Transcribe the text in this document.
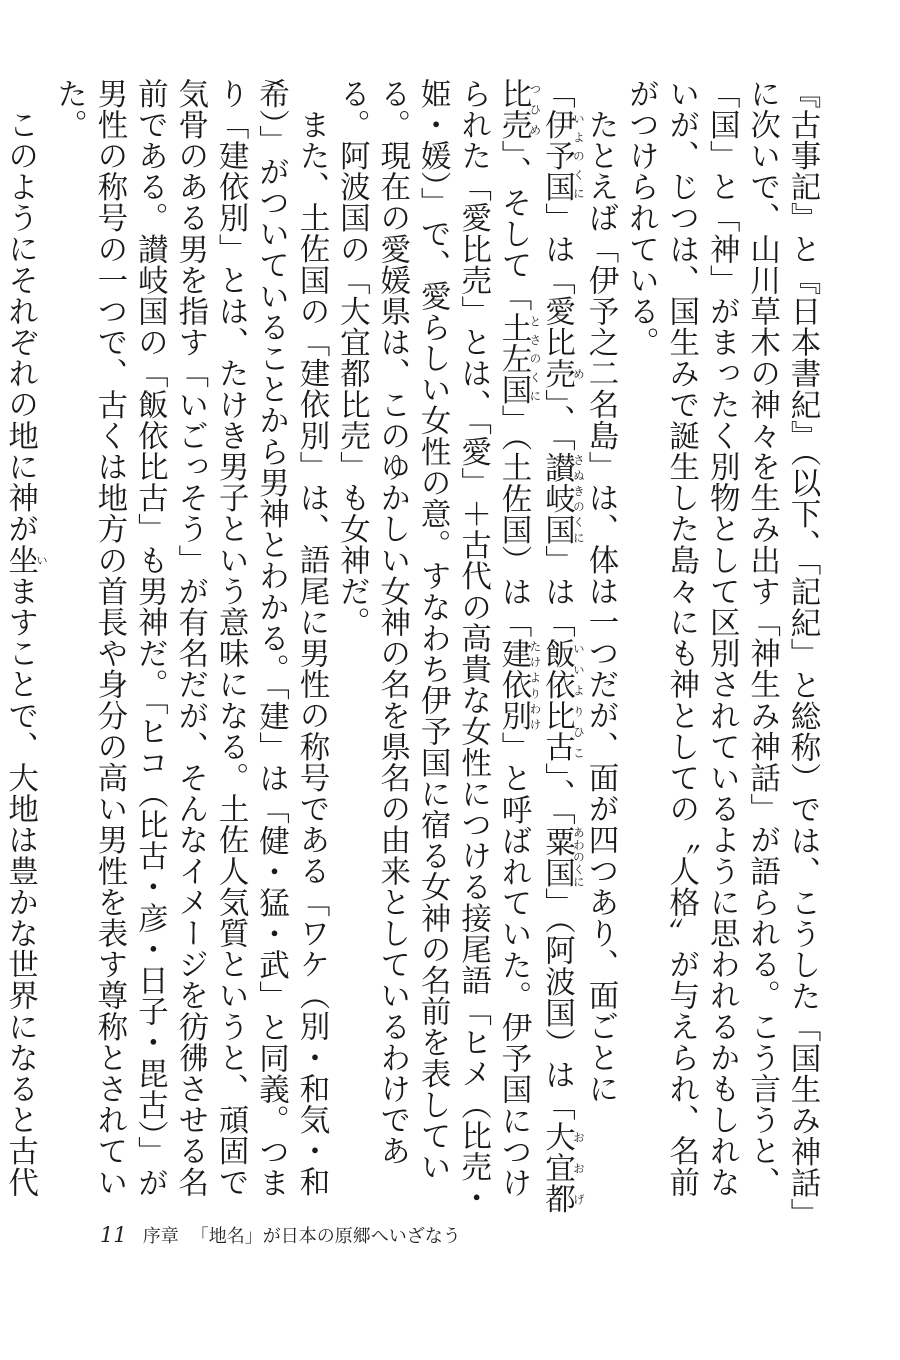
『古事記』と『日本書紀』（以下、「記紀」と総称）では、こうした「国生み神話」に次いで、山川草木の神々を生み出す「神生み神話」が語られる。こう言うと、「国」と「神」がまったく別物として区別されているように思われるかもしれないが、じつは、国生みで誕生した島々にも神としての〝人格〟が与えられ、名前がつけられている。

たとえば「伊予之二名島」は、体は一つだが、面が四つあり、面ごとに「伊予国いよのくに」は「愛比売め」、「讃岐国さぬきのくに」は「飯依比古いいよりひこ」、「粟国あわのくに」（阿波国）は「大宜都比売おおげつひめ」、そして「土左国とさのくに」（土佐国）は「建依別たけよりわけ」と呼ばれていた。伊予国につけられた「愛比売」とは、「愛」＋古代の高貴な女性につける接尾語「ヒメ（比売・姫・媛）」で、愛らしい女性の意。すなわち伊予国に宿る女神の名前を表している。現在の愛媛県は、このゆかしい女神の名を県名の由来としているわけである。阿波国の「大宜都比売」も女神だ。

また、土佐国の「建依別」は、語尾に男性の称号である「ワケ（別・和気・和希）」がついていることから男神とわかる。「建」は「健・猛・武」と同義。つまり「建依別」とは、たけき男子という意味になる。土佐人気質というと、頑固で気骨のある男を指す「いごっそう」が有名だが、そんなイメージを彷彿させる名前である。讃岐国の「飯依比古」も男神だ。「ヒコ（比古・彦・日子・毘古）」が男性の称号の一つで、古くは地方の首長や身分の高い男性を表す尊称とされていた。

このようにそれぞれの地に神が坐いますことで、大地は豊かな世界になると古代

11 序章 「地名」が日本の原郷へいざなう
